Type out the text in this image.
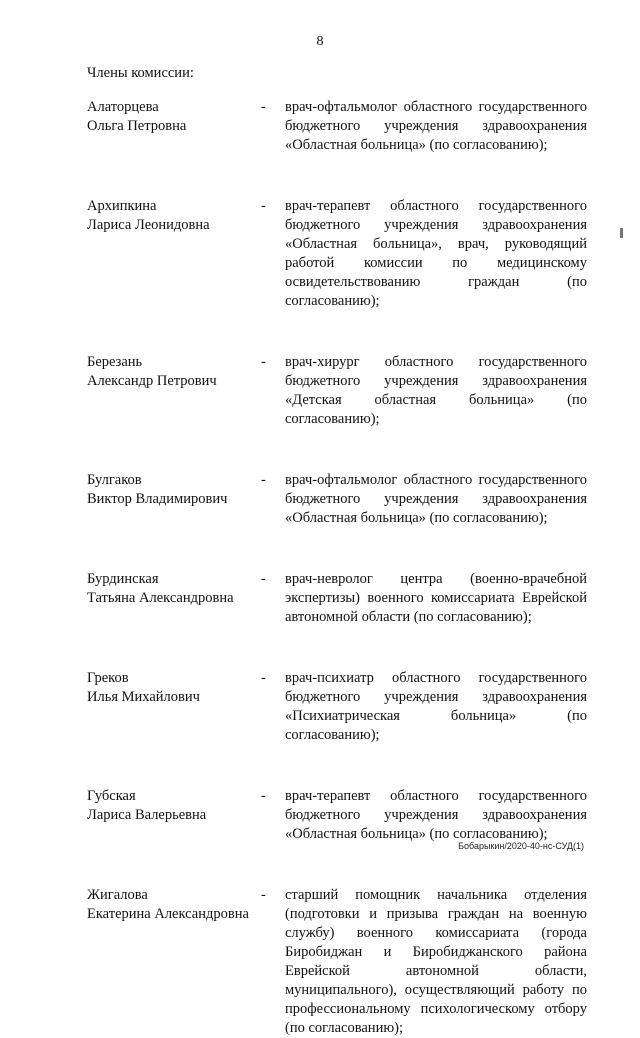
8
Члены комиссии:
Алаторцева
Ольга Петровна
-	врач-офтальмолог областного государственного бюджетного учреждения здравоохранения «Областная больница» (по согласованию);
Архипкина
Лариса Леонидовна
-	врач-терапевт областного государственного бюджетного учреждения здравоохранения «Областная больница», врач, руководящий работой комиссии по медицинскому освидетельствованию граждан (по согласованию);
Березань
Александр Петрович
-	врач-хирург областного государственного бюджетного учреждения здравоохранения «Детская областная больница» (по согласованию);
Булгаков
Виктор Владимирович
-	врач-офтальмолог областного государственного бюджетного учреждения здравоохранения «Областная больница» (по согласованию);
Бурдинская
Татьяна Александровна
-	врач-невролог центра (военно-врачебной экспертизы) военного комиссариата Еврейской автономной области (по согласованию);
Греков
Илья Михайлович
-	врач-психиатр областного государственного бюджетного учреждения здравоохранения «Психиатрическая больница» (по согласованию);
Губская
Лариса Валерьевна
-	врач-терапевт областного государственного бюджетного учреждения здравоохранения «Областная больница» (по согласованию);
Жигалова
Екатерина Александровна
-	старший помощник начальника отделения (подготовки и призыва граждан на военную службу) военного комиссариата (города Биробиджан и Биробиджанского района Еврейской автономной области, муниципального), осуществляющий работу по профессиональному психологическому отбору (по согласованию);
Бобарыкин/2020-40-нс-СУД(1)
